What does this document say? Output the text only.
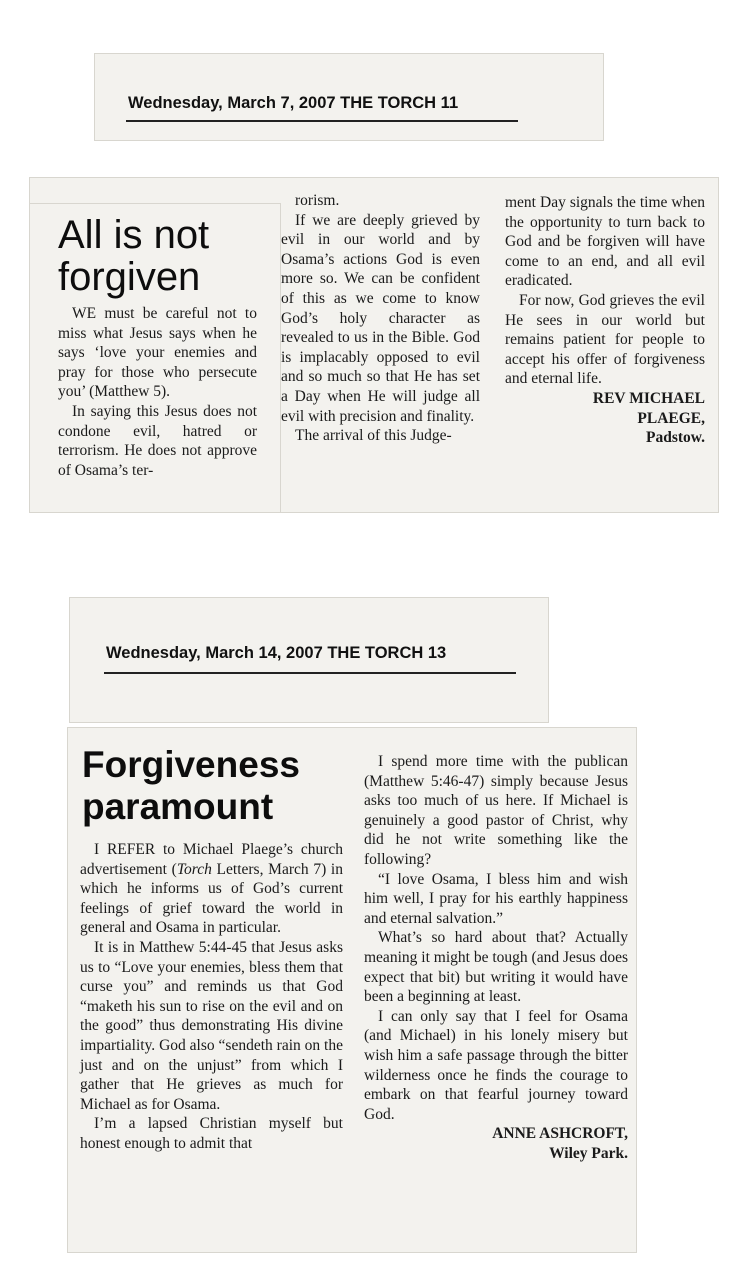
Wednesday, March 7, 2007 THE TORCH 11
All is not
forgiven

WE must be careful not to miss what Jesus says when he says ‘love your enemies and pray for those who persecute you’ (Matthew 5).

In saying this Jesus does not condone evil, hatred or terrorism. He does not approve of Osama’s ter-

rorism.

If we are deeply grieved by evil in our world and by Osama’s actions God is even more so. We can be confident of this as we come to know God’s holy character as revealed to us in the Bible. God is implacably opposed to evil and so much so that He has set a Day when He will judge all evil with precision and finality.

The arrival of this Judge-

ment Day signals the time when the opportunity to turn back to God and be forgiven will have come to an end, and all evil eradicated.

For now, God grieves the evil He sees in our world but remains patient for people to accept his offer of forgiveness and eternal life.

REV MICHAEL

PLAEGE,

Padstow.

Wednesday, March 14, 2007 THE TORCH 13
Forgiveness
paramount

I REFER to Michael Plaege’s church advertisement (Torch Letters, March 7) in which he informs us of God’s current feelings of grief toward the world in general and Osama in particular.

It is in Matthew 5:44-45 that Jesus asks us to “Love your enemies, bless them that curse you” and reminds us that God “maketh his sun to rise on the evil and on the good” thus demonstrating His divine impartiality. God also “sendeth rain on the just and on the unjust” from which I gather that He grieves as much for Michael as for Osama.

I’m a lapsed Christian myself but honest enough to admit that

I spend more time with the publican (Matthew 5:46-47) simply because Jesus asks too much of us here. If Michael is genuinely a good pastor of Christ, why did he not write something like the following?

“I love Osama, I bless him and wish him well, I pray for his earthly happiness and eternal salvation.”

What’s so hard about that? Actually meaning it might be tough (and Jesus does expect that bit) but writing it would have been a beginning at least.

I can only say that I feel for Osama (and Michael) in his lonely misery but wish him a safe passage through the bitter wilderness once he finds the courage to embark on that fearful journey toward God.

ANNE ASHCROFT,

Wiley Park.
